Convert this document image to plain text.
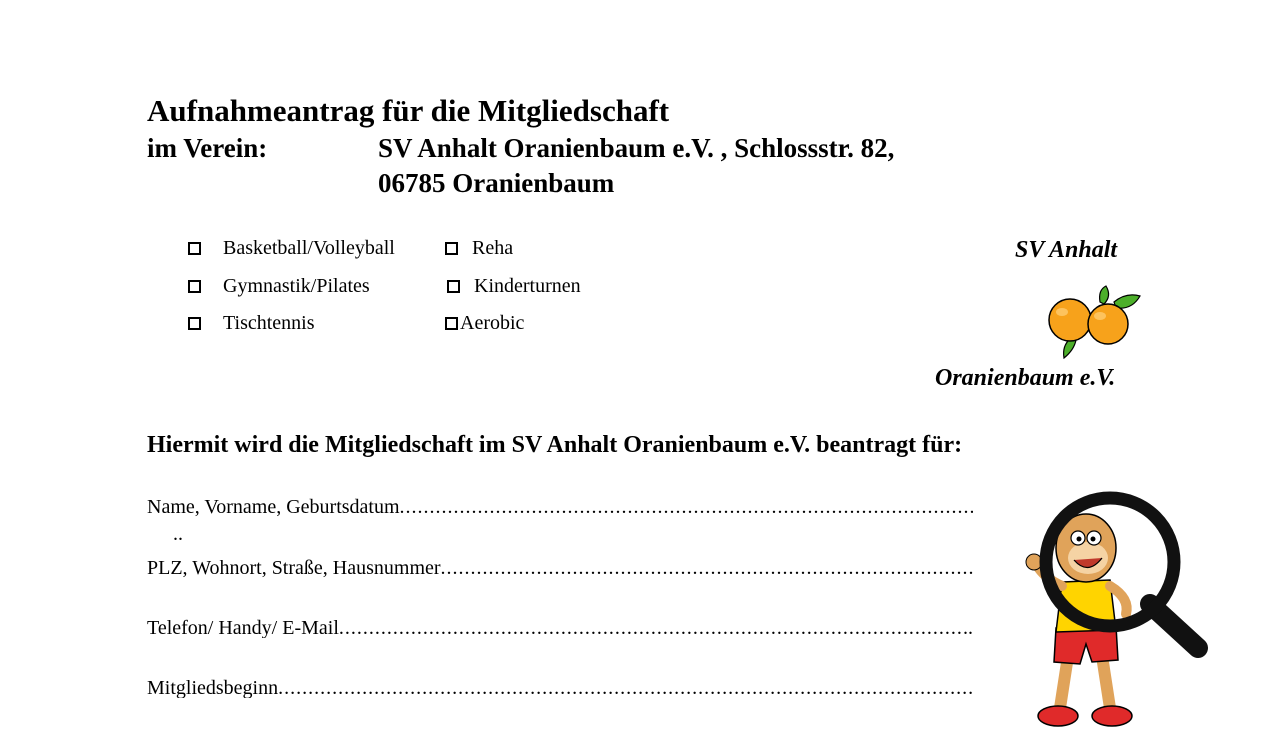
Aufnahmeantrag für die Mitgliedschaft
im Verein:	SV Anhalt Oranienbaum e.V. , Schlossstr. 82,
06785 Oranienbaum
Basketball/Volleyball
Gymnastik/Pilates
Tischtennis
Reha
Kinderturnen
Aerobic
SV Anhalt
Oranienbaum e.V.
Hiermit wird die Mitgliedschaft im SV Anhalt Oranienbaum e.V. beantragt für:
Name, Vorname, Geburtsdatum
.....
..
PLZ, Wohnort, Straße, Hausnummer
.....
Telefon/ Handy/ E-Mail
.....	..
Mitgliedsbeginn
.....
